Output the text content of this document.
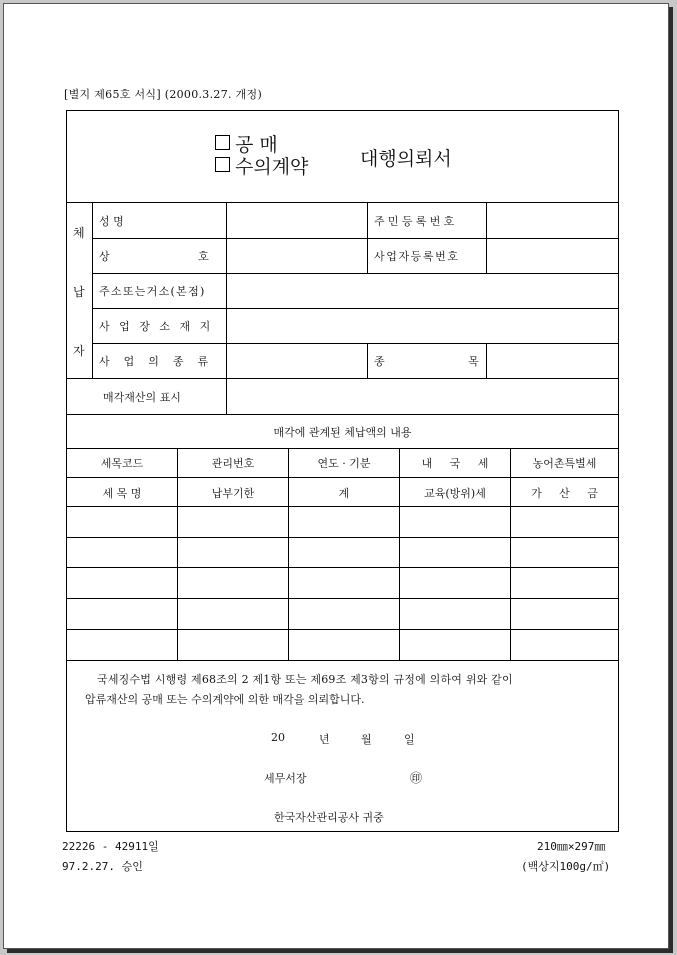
[별지 제65호 서식] (2000.3.27. 개정)
공 매
수의계약	대행의뢰서
체
납
자
성 명	주민등록번호
상 호	사업자등록번호
주소또는거소(본점)
사업장소재지
사업의종류	종 목
매각재산의 표시
매각에 관계된 체납액의 내용
세목코드	관리번호	연도 · 기분	내 국 세	농어촌특별세
세 목 명	납부기한	계	교육(방위)세	가 산 금
국세징수법 시행령 제68조의 2 제1항 또는 제69조 제3항의 규정에 의하여 위와 같이
압류재산의 공매 또는 수의계약에 의한 매각을 의뢰합니다.
20	년	월	일
세무서장	㊞
한국자산관리공사 귀중
22226 - 42911일
97.2.27. 승인
210㎜×297㎜
(백상지100g/㎡)
